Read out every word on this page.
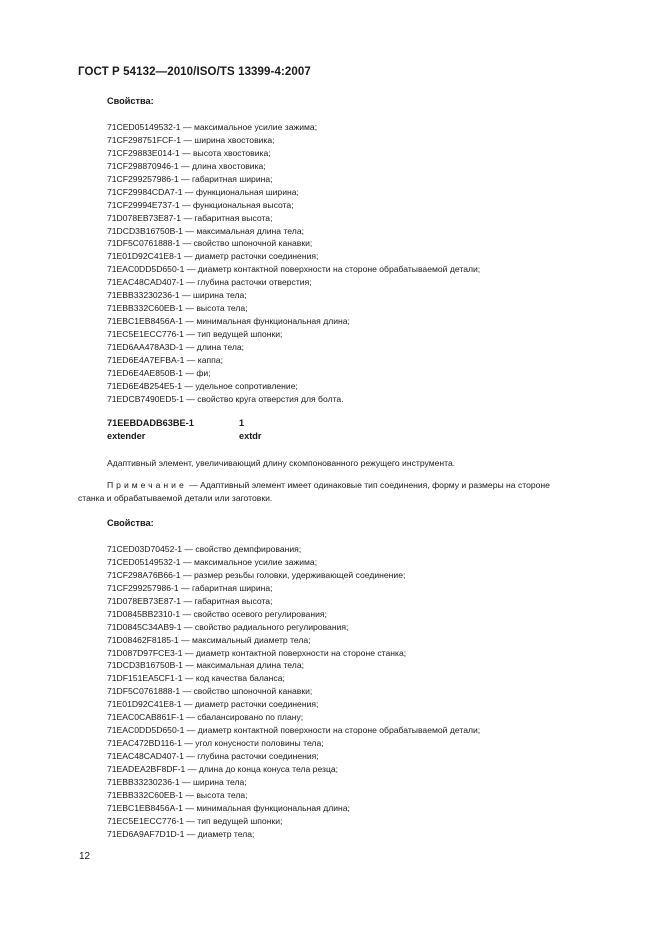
ГОСТ Р 54132—2010/ISO/TS 13399-4:2007
Свойства:
71CED05149532-1 — максимальное усилие зажима;
71CF298751FCF-1 — ширина хвостовика;
71CF29883E014-1 — высота хвостовика;
71CF298870946-1 — длина хвостовика;
71CF299257986-1 — габаритная ширина;
71CF29984CDA7-1 — функциональная ширина;
71CF29994E737-1 — функциональная высота;
71D078EB73E87-1 — габаритная высота;
71DCD3B16750B-1 — максимальная длина тела;
71DF5C0761888-1 — свойство шпоночной канавки;
71E01D92C41E8-1 — диаметр расточки соединения;
71EAC0DD5D650-1 — диаметр контактной поверхности на стороне обрабатываемой детали;
71EAC48CAD407-1 — глубина расточки отверстия;
71EBB33230236-1 — ширина тела;
71EBB332C60EB-1 — высота тела;
71EBC1EB8456A-1 — минимальная функциональная длина;
71EC5E1ECC776-1 — тип ведущей шпонки;
71ED6AA478A3D-1 — длина тела;
71ED6E4A7EFBA-1 — каппа;
71ED6E4AE850B-1 — фи;
71ED6E4B254E5-1 — удельное сопротивление;
71EDCB7490ED5-1 — свойство круга отверстия для болта.
71EEBDADB63BE-1	1
extender	extdr
Адаптивный элемент, увеличивающий длину скомпонованного режущего инструмента.
Примечание — Адаптивный элемент имеет одинаковые тип соединения, форму и размеры на стороне
станка и обрабатываемой детали или заготовки.
Свойства:
71CED03D70452-1 — свойство демпфирования;
71CED05149532-1 — максимальное усилие зажима;
71CF298A76B66-1 — размер резьбы головки, удерживающей соединение;
71CF299257986-1 — габаритная ширина;
71D078EB73E87-1 — габаритная высота;
71D0845BB2310-1 — свойство осевого регулирования;
71D0845C34AB9-1 — свойство радиального регулирования;
71D08462F8185-1 — максимальный диаметр тела;
71D087D97FCE3-1 — диаметр контактной поверхности на стороне станка;
71DCD3B16750B-1 — максимальная длина тела;
71DF151EA5CF1-1 — код качества баланса;
71DF5C0761888-1 — свойство шпоночной канавки;
71E01D92C41E8-1 — диаметр расточки соединения;
71EAC0CAB861F-1 — сбалансировано по плану;
71EAC0DD5D650-1 — диаметр контактной поверхности на стороне обрабатываемой детали;
71EAC472BD116-1 — угол конусности половины тела;
71EAC48CAD407-1 — глубина расточки соединения;
71EADEA2BF8DF-1 — длина до конца конуса тела резца;
71EBB33230236-1 — ширина тела;
71EBB332C60EB-1 — высота тела;
71EBC1EB8456A-1 — минимальная функциональная длина;
71EC5E1ECC776-1 — тип ведущей шпонки;
71ED6A9AF7D1D-1 — диаметр тела;
12
